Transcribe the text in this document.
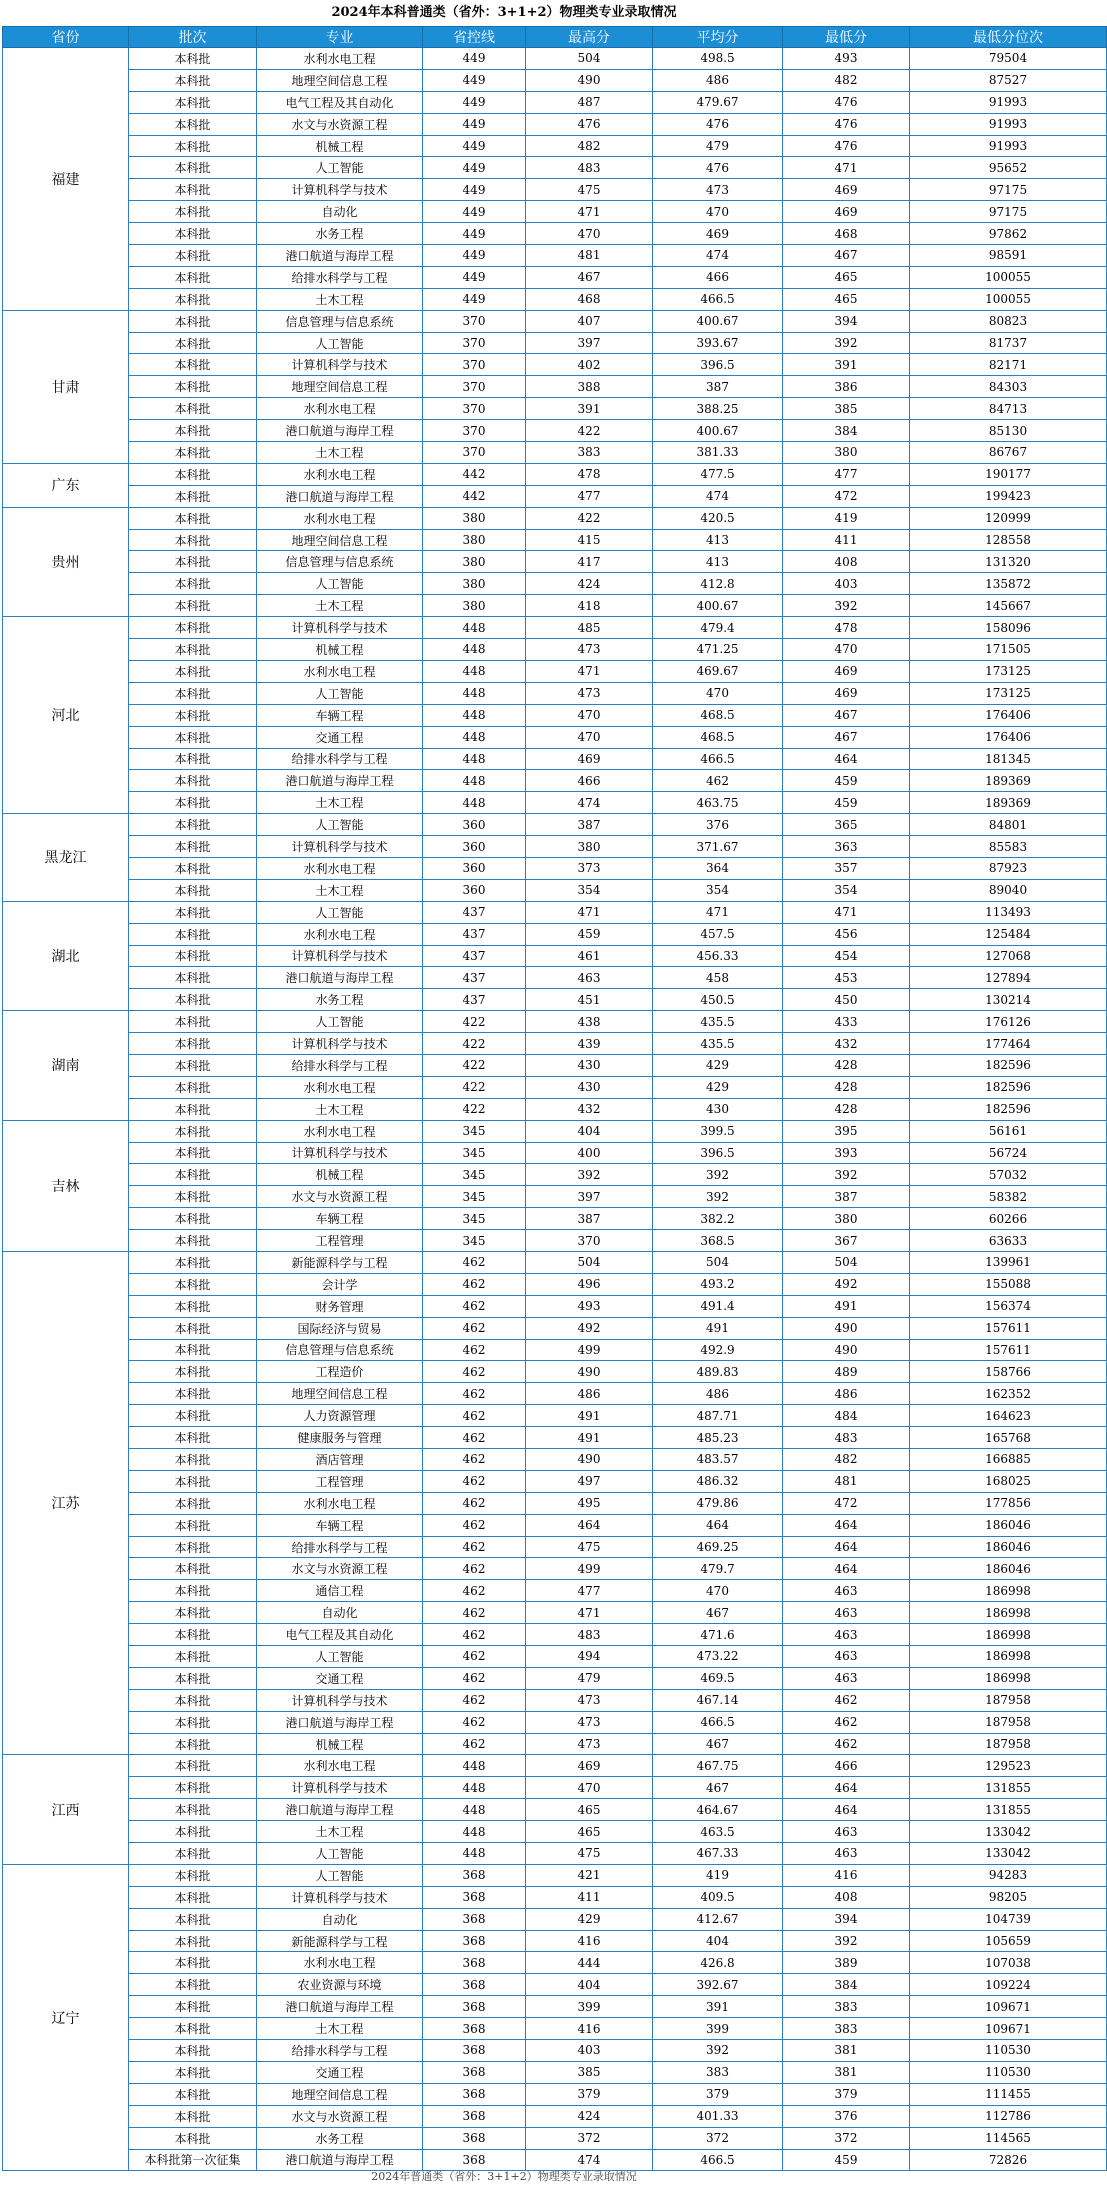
2024年本科普通类（省外：3+1+2）物理类专业录取情况
省份	批次	专业	省控线	最高分	平均分	最低分	最低分位次
福建	本科批	水利水电工程	449	504	498.5	493	79504
	本科批	地理空间信息工程	449	490	486	482	87527
	本科批	电气工程及其自动化	449	487	479.67	476	91993
	本科批	水文与水资源工程	449	476	476	476	91993
	本科批	机械工程	449	482	479	476	91993
	本科批	人工智能	449	483	476	471	95652
	本科批	计算机科学与技术	449	475	473	469	97175
	本科批	自动化	449	471	470	469	97175
	本科批	水务工程	449	470	469	468	97862
	本科批	港口航道与海岸工程	449	481	474	467	98591
	本科批	给排水科学与工程	449	467	466	465	100055
	本科批	土木工程	449	468	466.5	465	100055
甘肃	本科批	信息管理与信息系统	370	407	400.67	394	80823
	本科批	人工智能	370	397	393.67	392	81737
	本科批	计算机科学与技术	370	402	396.5	391	82171
	本科批	地理空间信息工程	370	388	387	386	84303
	本科批	水利水电工程	370	391	388.25	385	84713
	本科批	港口航道与海岸工程	370	422	400.67	384	85130
	本科批	土木工程	370	383	381.33	380	86767
广东	本科批	水利水电工程	442	478	477.5	477	190177
	本科批	港口航道与海岸工程	442	477	474	472	199423
贵州	本科批	水利水电工程	380	422	420.5	419	120999
	本科批	地理空间信息工程	380	415	413	411	128558
	本科批	信息管理与信息系统	380	417	413	408	131320
	本科批	人工智能	380	424	412.8	403	135872
	本科批	土木工程	380	418	400.67	392	145667
河北	本科批	计算机科学与技术	448	485	479.4	478	158096
	本科批	机械工程	448	473	471.25	470	171505
	本科批	水利水电工程	448	471	469.67	469	173125
	本科批	人工智能	448	473	470	469	173125
	本科批	车辆工程	448	470	468.5	467	176406
	本科批	交通工程	448	470	468.5	467	176406
	本科批	给排水科学与工程	448	469	466.5	464	181345
	本科批	港口航道与海岸工程	448	466	462	459	189369
	本科批	土木工程	448	474	463.75	459	189369
黑龙江	本科批	人工智能	360	387	376	365	84801
	本科批	计算机科学与技术	360	380	371.67	363	85583
	本科批	水利水电工程	360	373	364	357	87923
	本科批	土木工程	360	354	354	354	89040
湖北	本科批	人工智能	437	471	471	471	113493
	本科批	水利水电工程	437	459	457.5	456	125484
	本科批	计算机科学与技术	437	461	456.33	454	127068
	本科批	港口航道与海岸工程	437	463	458	453	127894
	本科批	水务工程	437	451	450.5	450	130214
湖南	本科批	人工智能	422	438	435.5	433	176126
	本科批	计算机科学与技术	422	439	435.5	432	177464
	本科批	给排水科学与工程	422	430	429	428	182596
	本科批	水利水电工程	422	430	429	428	182596
	本科批	土木工程	422	432	430	428	182596
吉林	本科批	水利水电工程	345	404	399.5	395	56161
	本科批	计算机科学与技术	345	400	396.5	393	56724
	本科批	机械工程	345	392	392	392	57032
	本科批	水文与水资源工程	345	397	392	387	58382
	本科批	车辆工程	345	387	382.2	380	60266
	本科批	工程管理	345	370	368.5	367	63633
江苏	本科批	新能源科学与工程	462	504	504	504	139961
	本科批	会计学	462	496	493.2	492	155088
	本科批	财务管理	462	493	491.4	491	156374
	本科批	国际经济与贸易	462	492	491	490	157611
	本科批	信息管理与信息系统	462	499	492.9	490	157611
	本科批	工程造价	462	490	489.83	489	158766
	本科批	地理空间信息工程	462	486	486	486	162352
	本科批	人力资源管理	462	491	487.71	484	164623
	本科批	健康服务与管理	462	491	485.23	483	165768
	本科批	酒店管理	462	490	483.57	482	166885
	本科批	工程管理	462	497	486.32	481	168025
	本科批	水利水电工程	462	495	479.86	472	177856
	本科批	车辆工程	462	464	464	464	186046
	本科批	给排水科学与工程	462	475	469.25	464	186046
	本科批	水文与水资源工程	462	499	479.7	464	186046
	本科批	通信工程	462	477	470	463	186998
	本科批	自动化	462	471	467	463	186998
	本科批	电气工程及其自动化	462	483	471.6	463	186998
	本科批	人工智能	462	494	473.22	463	186998
	本科批	交通工程	462	479	469.5	463	186998
	本科批	计算机科学与技术	462	473	467.14	462	187958
	本科批	港口航道与海岸工程	462	473	466.5	462	187958
	本科批	机械工程	462	473	467	462	187958
江西	本科批	水利水电工程	448	469	467.75	466	129523
	本科批	计算机科学与技术	448	470	467	464	131855
	本科批	港口航道与海岸工程	448	465	464.67	464	131855
	本科批	土木工程	448	465	463.5	463	133042
	本科批	人工智能	448	475	467.33	463	133042
辽宁	本科批	人工智能	368	421	419	416	94283
	本科批	计算机科学与技术	368	411	409.5	408	98205
	本科批	自动化	368	429	412.67	394	104739
	本科批	新能源科学与工程	368	416	404	392	105659
	本科批	水利水电工程	368	444	426.8	389	107038
	本科批	农业资源与环境	368	404	392.67	384	109224
	本科批	港口航道与海岸工程	368	399	391	383	109671
	本科批	土木工程	368	416	399	383	109671
	本科批	给排水科学与工程	368	403	392	381	110530
	本科批	交通工程	368	385	383	381	110530
	本科批	地理空间信息工程	368	379	379	379	111455
	本科批	水文与水资源工程	368	424	401.33	376	112786
	本科批	水务工程	368	372	372	372	114565
	本科批第一次征集	港口航道与海岸工程	368	474	466.5	459	72826
2024年普通类（省外：3+1+2）物理类专业录取情况
